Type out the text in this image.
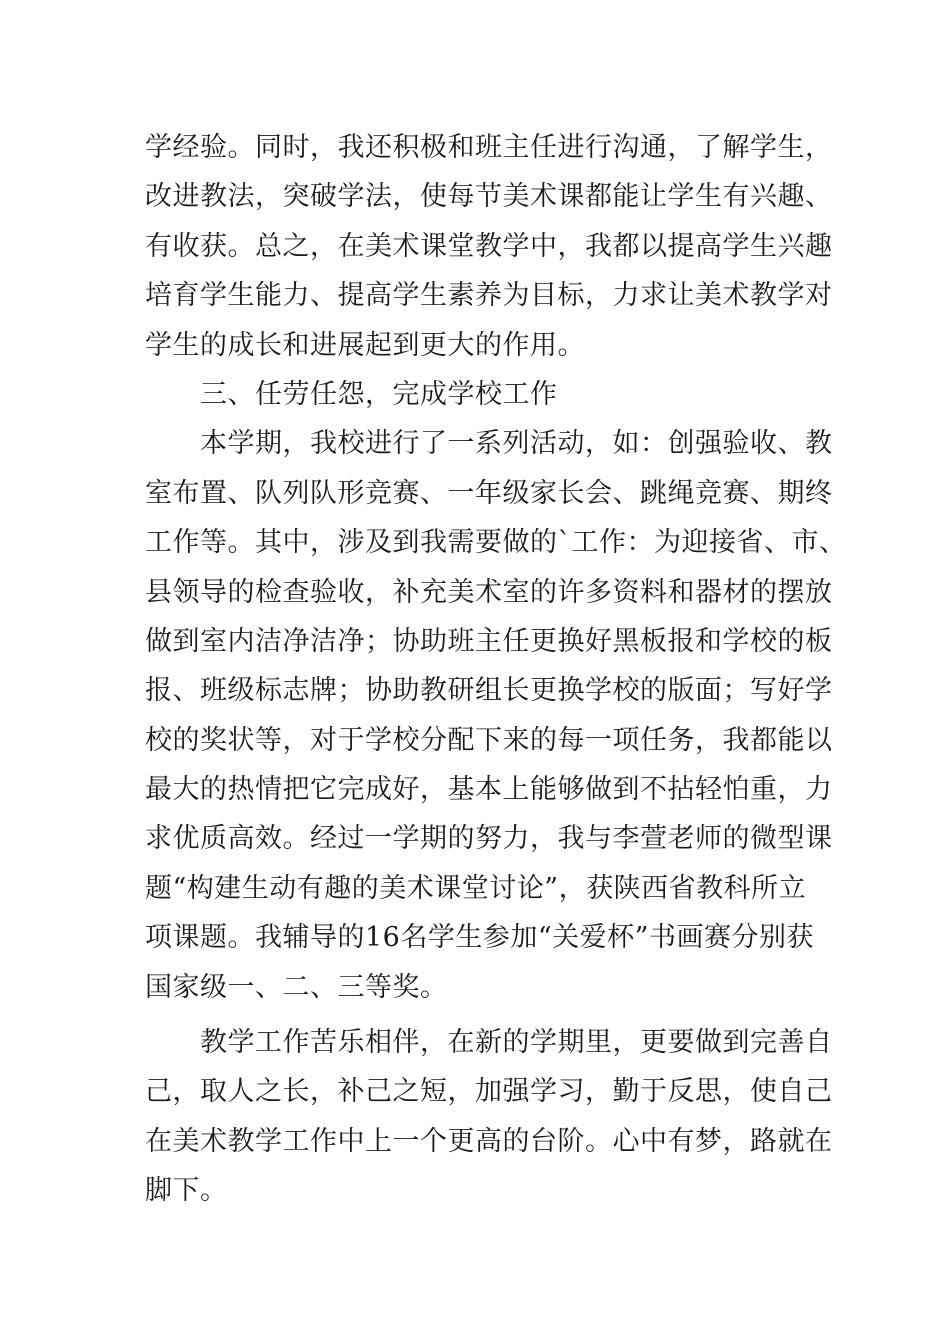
学经验。同时，我还积极和班主任进行沟通，了解学生，
改进教法，突破学法，使每节美术课都能让学生有兴趣、
有收获。总之，在美术课堂教学中，我都以提高学生兴趣
培育学生能力、提高学生素养为目标，力求让美术教学对
学生的成长和进展起到更大的作用。
　　三、任劳任怨，完成学校工作
　　本学期，我校进行了一系列活动，如：创强验收、教
室布置、队列队形竞赛、一年级家长会、跳绳竞赛、期终
工作等。其中，涉及到我需要做的`工作：为迎接省、市、
县领导的检查验收，补充美术室的许多资料和器材的摆放
做到室内洁净洁净；协助班主任更换好黑板报和学校的板
报、班级标志牌；协助教研组长更换学校的版面；写好学
校的奖状等，对于学校分配下来的每一项任务，我都能以
最大的热情把它完成好，基本上能够做到不拈轻怕重，力
求优质高效。经过一学期的努力，我与李萱老师的微型课
题“构建生动有趣的美术课堂讨论”，获陕西省教科所立
项课题。我辅导的16名学生参加“关爱杯”书画赛分别获
国家级一、二、三等奖。
　　教学工作苦乐相伴，在新的学期里，更要做到完善自
己，取人之长，补己之短，加强学习，勤于反思，使自己
在美术教学工作中上一个更高的台阶。心中有梦，路就在
脚下。
